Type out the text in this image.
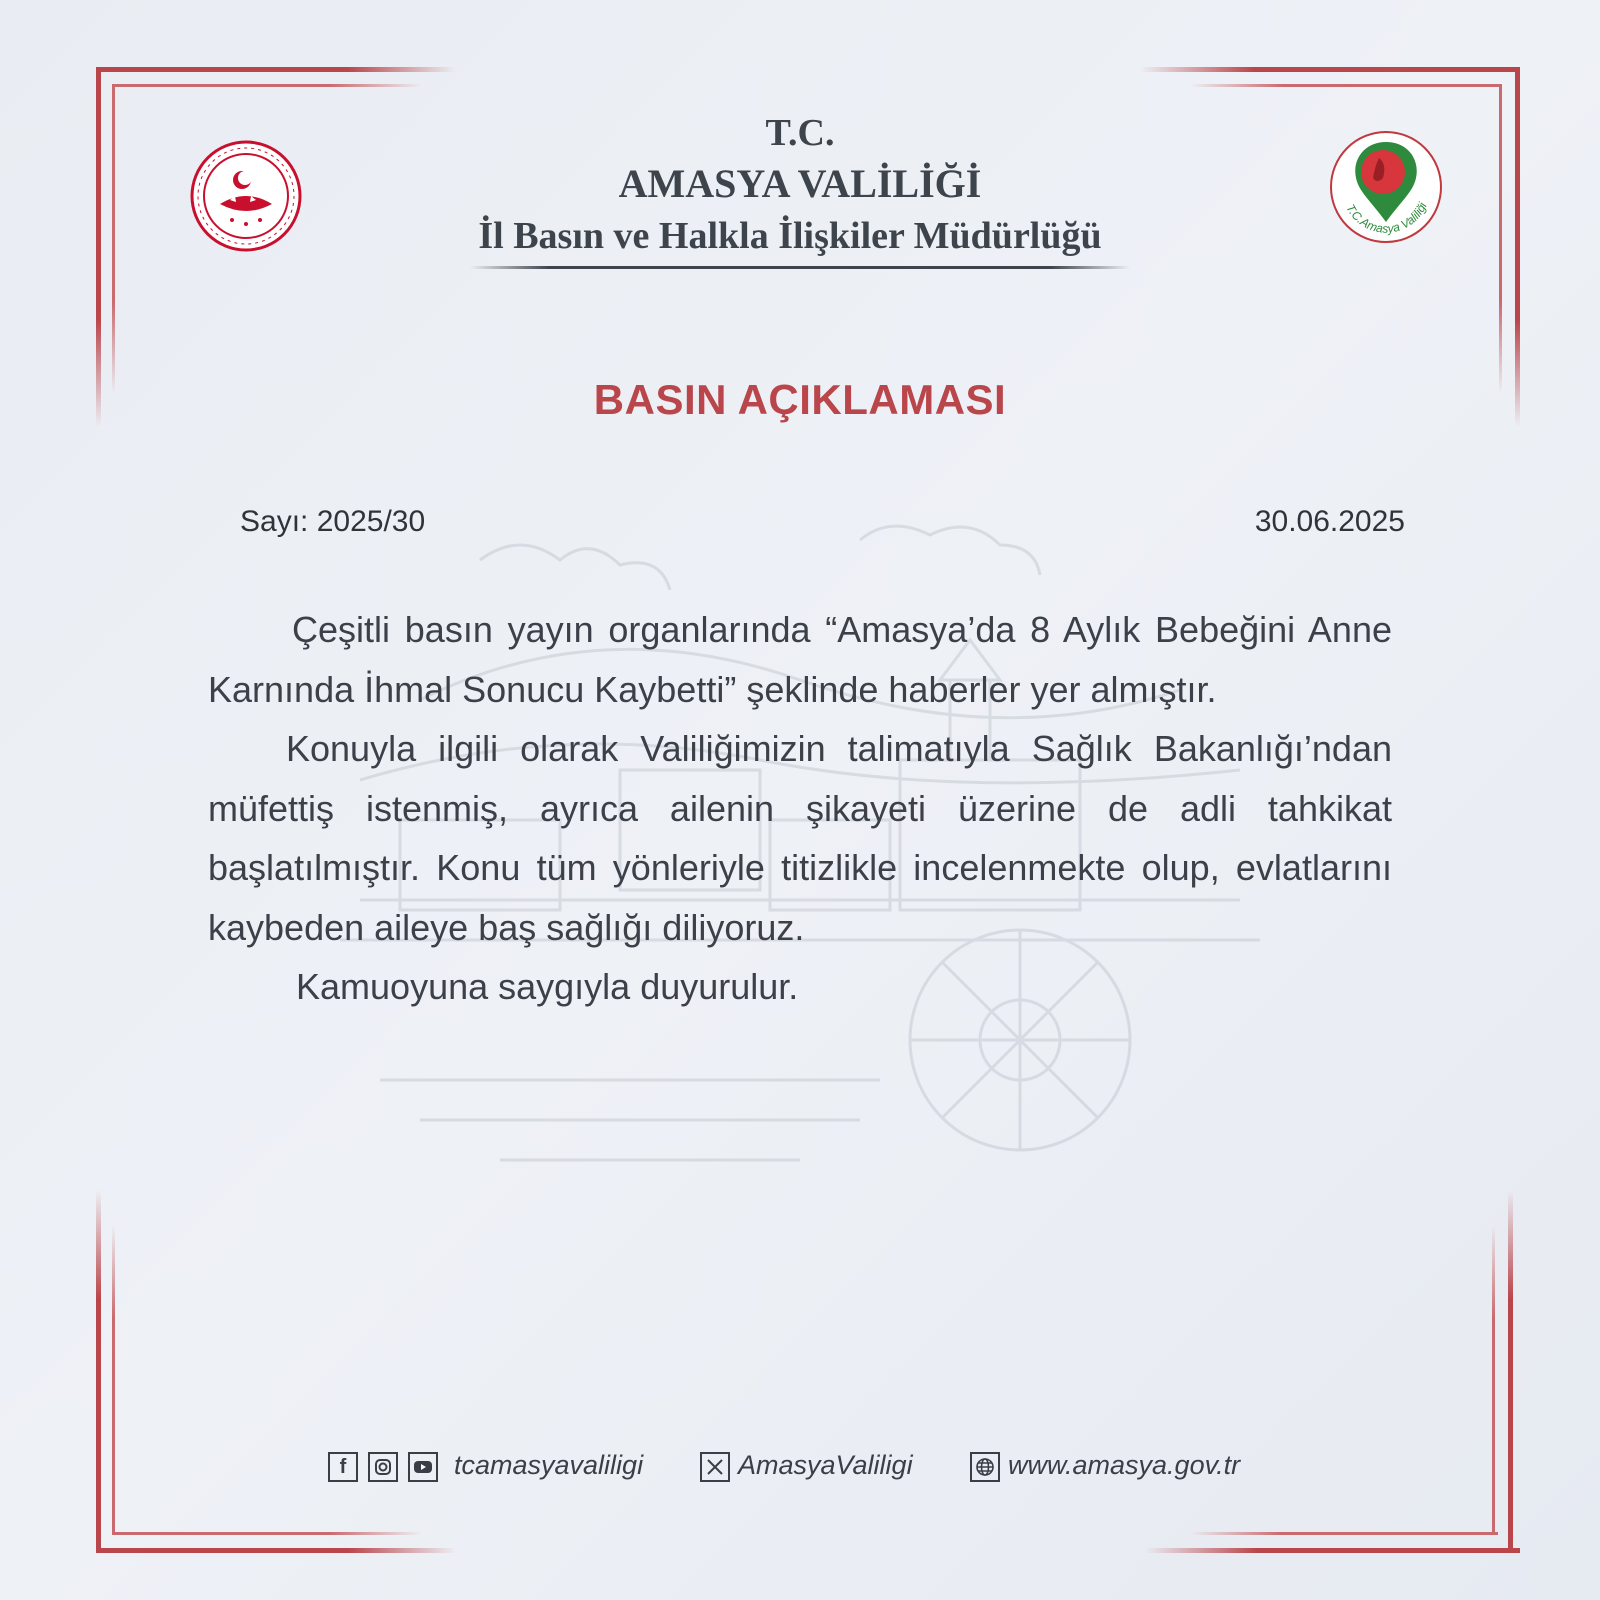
T.C.
AMASYA VALİLİĞİ
İl Basın ve Halkla İlişkiler Müdürlüğü
T.C.Amasya Valiliği
BASIN AÇIKLAMASI
Sayı: 2025/30	30.06.2025

Çeşitli basın yayın organlarında “Amasya’da 8 Aylık Bebeğini Anne Karnında İhmal Sonucu Kaybetti” şeklinde haberler yer almıştır.

Konuyla ilgili olarak Valiliğimizin talimatıyla Sağlık Bakanlığı’ndan müfettiş istenmiş, ayrıca ailenin şikayeti üzerine de adli tahkikat başlatılmıştır. Konu tüm yönleriyle titizlikle incelenmekte olup, evlatlarını kaybeden aileye baş sağlığı diliyoruz.

Kamuoyuna saygıyla duyurulur.

f	tcamasyavaliligi	AmasyaValiligi	www.amasya.gov.tr
